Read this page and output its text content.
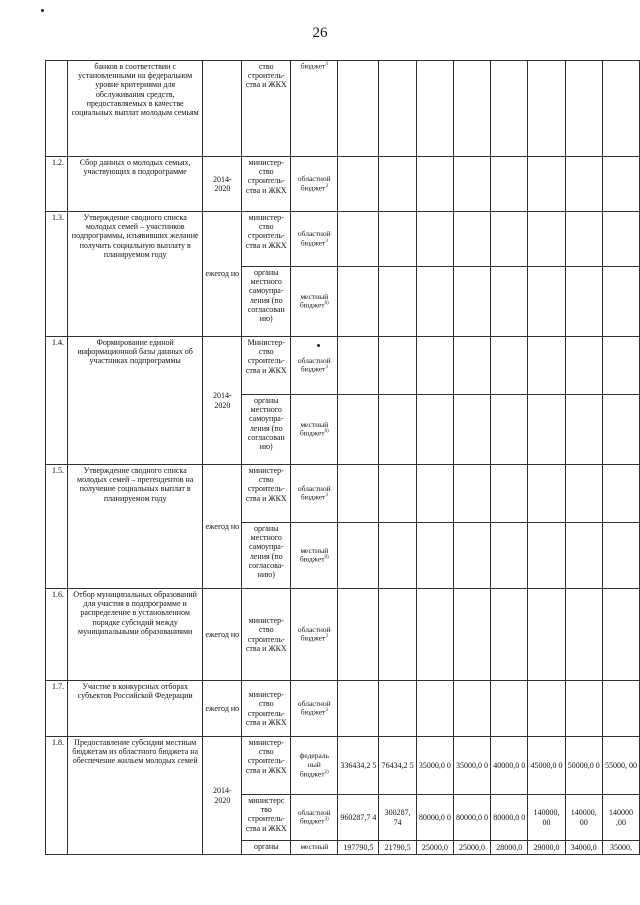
26
	банков в соответствии с установленными на федеральном уровне критериями для обслуживания средств, предоставляемых в качестве социальных выплат молодым семьям		ство строитель-ства и ЖКХ	бюджет$^3$								
1.2.	Сбор данных о молодых семьях, участвующих в подпрограмме	2014-2020	министер-ство строитель-ства и ЖКХ	областной бюджет$^3$								
1.3.	Утверждение сводного списка молодых семей – участников подпрограммы, изъявивших желание получить социальную выплату в планируемом году	ежегод но	министер-ство строитель-ства и ЖКХ	областной бюджет$^3$								
			органы местного самоупра-ления (по согласован ию)	местный бюджет$^{6)}$								
1.4.	Формирование единой информационной базы данных об участниках подпрограммы	2014-2020	Министер-ство строитель-ства и ЖКХ	областной бюджет$^3$								
			органы местного самоупра-ления (по согласован ию)	местный бюджет$^{6)}$								
1.5.	Утверждение сводного списка молодых семей – претендентов на получение социальных выплат в планируемом году	ежегод но	министер-ство строитель-ства и ЖКХ	областной бюджет$^3$								
			органы местного самоупра-ления (по согласова-нию)	местный бюджет$^{6)}$								
1.6.	Отбор муниципальных образований для участия в подпрограмме и распределение в установленном порядке субсидий между муниципальными образованиями	ежегод но	министер-ство строитель-ства и ЖКХ	областной бюджет$^3$								
1.7.	Участие в конкурсных отборах субъектов Российской Федерации	ежегод но	министер-ство строитель-ства и ЖКХ	областной бюджет$^3$								
1.8.	Предоставление субсидии местным бюджетам из областного бюджета на обеспечение жильем молодых семей	2014-2020	министер-ство строитель-ства и ЖКХ	федераль ный бюджет$^{2)}$	336434,2 5	76434,2 5	35000,0 0	35000,0 0	40000,0 0	45000,0 0	50000,0 0	55000, 00
			министерс тво строитель-ства и ЖКХ	областной бюджет$^{3)}$	960287,7 4	300287, 74	80000,0 0	80000,0 0	80000,0 0	140000, 00	140000, 00	140000 ,00
			органы	местный	197790,5	21790,5	25000,0	25000,0	28000,0	29000,0	34000,0	35000,
